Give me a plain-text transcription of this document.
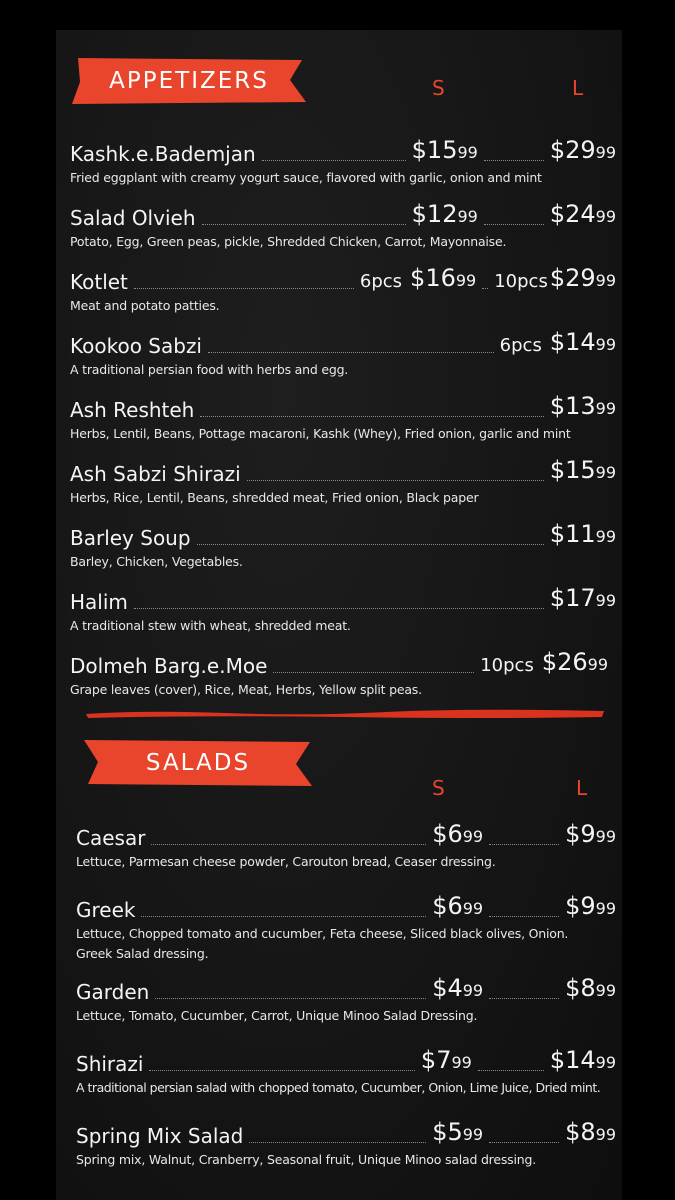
APPETIZERS	S	L
Kashk.e.Bademjan	$1599	$2999
Fried eggplant with creamy yogurt sauce, flavored with garlic, onion and mint
Salad Olvieh	$1299	$2499
Potato, Egg, Green peas, pickle, Shredded Chicken, Carrot, Mayonnaise.
Kotlet	6pcs $1699 10pcs $2999
Meat and potato patties.
Kookoo Sabzi	6pcs $1499
A traditional persian food with herbs and egg.
Ash Reshteh	$1399
Herbs, Lentil, Beans, Pottage macaroni, Kashk (Whey), Fried onion, garlic and mint
Ash Sabzi Shirazi	$1599
Herbs, Rice, Lentil, Beans, shredded meat, Fried onion, Black paper
Barley Soup	$1199
Barley, Chicken, Vegetables.
Halim	$1799
A traditional stew with wheat, shredded meat.
Dolmeh Barg.e.Moe	10pcs $2699
Grape leaves (cover), Rice, Meat, Herbs, Yellow split peas.
SALADS
S	L
Caesar	$699	$999
Lettuce, Parmesan cheese powder, Carouton bread, Ceaser dressing.
Greek	$699	$999
Lettuce, Chopped tomato and cucumber, Feta cheese, Sliced black olives, Onion.
Greek Salad dressing.
Garden	$499	$899
Lettuce, Tomato, Cucumber, Carrot, Unique Minoo Salad Dressing.
Shirazi	$799	$1499
A traditional persian salad with chopped tomato, Cucumber, Onion, Lime Juice, Dried mint.
Spring Mix Salad	$599	$899
Spring mix, Walnut, Cranberry, Seasonal fruit, Unique Minoo salad dressing.
